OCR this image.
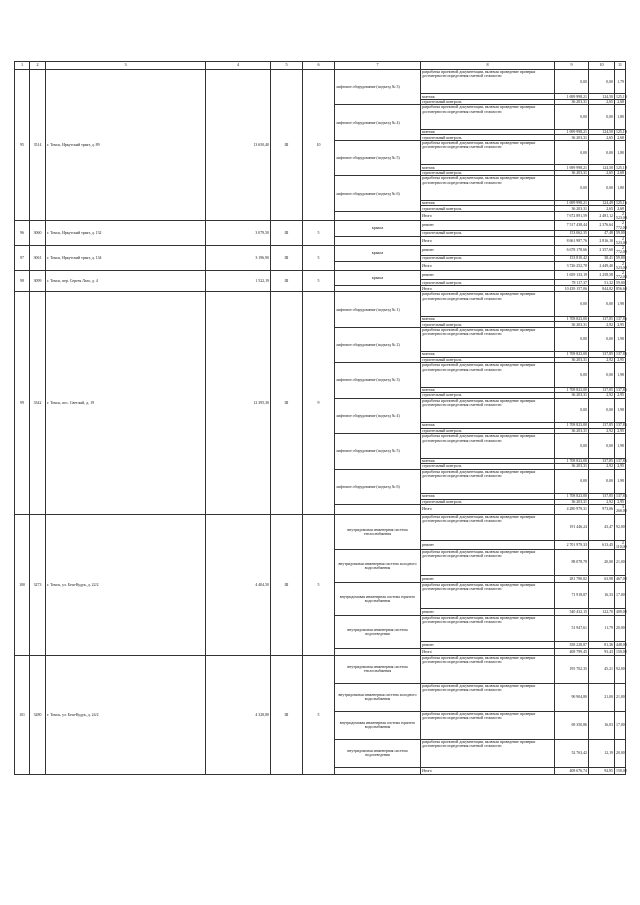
1	2	3	4	5	6	7	8	9	10	11
95	3514	г. Томск, Иркутский тракт, д. 89	13 650,40	Ш	10	лифтовое оборудование (подъезд № 3)	разработка проектной документации, включая проведение проверки достоверности определения сметной стоимости	0,00	0,00	1,79
							монтаж	1 699 998,21	124,50	125,19
							строительный контроль	36 203,31	2,65	2,68
						лифтовое оборудование (подъезд № 4)	разработка проектной документации, включая проведение проверки достоверности определения сметной стоимости	0,00	0,00	1,80
							монтаж	1 699 998,21	124,50	125,19
							строительный контроль	36 203,31	2,65	2,68
						лифтовое оборудование (подъезд № 5)	разработка проектной документации, включая проведение проверки достоверности определения сметной стоимости	0,00	0,00	1,80
							монтаж	1 699 998,21	124,50	125,19
							строительный контроль	36 203,31	2,65	2,68
						лифтовое оборудование (подъезд № 6)	разработка проектной документации, включая проведение проверки достоверности определения сметной стоимости	0,00	0,00	1,80
							монтаж	1 699 998,21	124,49	125,16
							строительный контроль	36 203,31	2,65	2,68
							Итого	7 672 891,59	2 481,12	2 523,00
96	3060	г. Томск, Иркутский тракт, д. 132	3 079,50	Ш	5	крыша	ремонт	7 517 438,44	2 376,64	2 772,00
							строительный контроль	153 062,35	47,48	59,00
							Итого	8 661 987,76	2 816,10	2 523,00
97	3061	г. Томск, Иркутский тракт, д. 134	3 196,90	Ш	5	крыша	ремонт	6 678 178,66	2 357,60	2 772,00
							строительный контроль	153 810,42	38,41	59,00
							Итого	3 726 252,78	2 449,40	2 523,00
98	3099	г. Томск, пер. Сергея Лазо, д. 4	1 522,19	Ш	5	крыша	ремонт	1 659 133,19	2 258,58	2 772,00
							строительный контроль	78 117,37	51,32	59,00
							Итого	10 439 157,06	844,82	856,60
99	3342	г. Томск, пос. Светлый, д. 19	12 395,30	Ш	9	лифтовое оборудование (подъезд № 1)	разработка проектной документации, включая проведение проверки достоверности определения сметной стоимости	0,00	0,00	1,98
							монтаж	1 708 823,00	137,85	137,86
							строительный контроль	36 203,31	2,92	2,95
						лифтовое оборудование (подъезд № 2)	разработка проектной документации, включая проведение проверки достоверности определения сметной стоимости	0,00	0,00	1,98
							монтаж	1 708 823,00	137,85	137,85
							строительный контроль	36 203,31	2,92	2,95
						лифтовое оборудование (подъезд № 3)	разработка проектной документации, включая проведение проверки достоверности определения сметной стоимости	0,00	0,00	1,98
							монтаж	1 708 823,00	137,85	137,85
							строительный контроль	36 203,31	2,92	2,95
						лифтовое оборудование (подъезд № 4)	разработка проектной документации, включая проведение проверки достоверности определения сметной стоимости	0,00	0,00	1,98
							монтаж	1 708 823,00	137,85	137,85
							строительный контроль	36 203,31	2,92	2,95
						лифтовое оборудование (подъезд № 5)	разработка проектной документации, включая проведение проверки достоверности определения сметной стоимости	0,00	0,00	1,98
							монтаж	1 708 823,00	137,85	137,85
							строительный контроль	36 203,31	2,92	2,95
						лифтовое оборудование (подъезд № 6)	разработка проектной документации, включая проведение проверки достоверности определения сметной стоимости	0,00	0,00	1,98
							монтаж	1 708 823,00	137,85	137,85
							строительный контроль	36 203,31	2,92	2,95
							Итого	4 280 979,31	973,06	3 260,00
100	3273	г. Томск, ул. Беш-Кудук, д. 22/2	4 404,50	Ш	5	внутридомовая инженерная система теплоснабжения	разработка проектной документации, включая проведение проверки достоверности определения сметной стоимости	191 446,24	43,47	92,00
							ремонт	2 701 979,33	613,45	2 110,00
						внутридомовая инженерная система холодного водоснабжения	разработка проектной документации, включая проведение проверки достоверности определения сметной стоимости	88 078,78	20,00	21,00
							ремонт	281 790,82	63,98	467,00
						внутридомовая инженерная система горячего водоснабжения	разработка проектной документации, включая проведение проверки достоверности определения сметной стоимости	71 918,87	16,33	17,00
							ремонт	540 432,15	122,70	409,00
						внутридомовая инженерная система водоотведения	разработка проектной документации, включая проведение проверки достоверности определения сметной стоимости	51 947,61	11,79	20,00
							ремонт	358 228,87	81,36	448,00
							Итого	408 799,45	93,43	150,00
101	3280	г. Томск, ул. Беш-Кудук, д. 24/2	4 328,80	Ш	5	внутридомовая инженерная система теплоснабжения	разработка проектной документации, включая проведение проверки достоверности определения сметной стоимости	195 702,35	45,21	92,00
						внутридомовая инженерная система холодного водоснабжения	разработка проектной документации, включая проведение проверки достоверности определения сметной стоимости	90 904,80	21,00	21,00
						внутридомовая инженерная система горячего водоснабжения	разработка проектной документации, включая проведение проверки достоверности определения сметной стоимости	69 350,86	16,03	17,00
						внутридомовая инженерная система водоотведения	разработка проектной документации, включая проведение проверки достоверности определения сметной стоимости	52 763,42	12,19	20,00
							Итого	408 676,74	94,85	150,00
